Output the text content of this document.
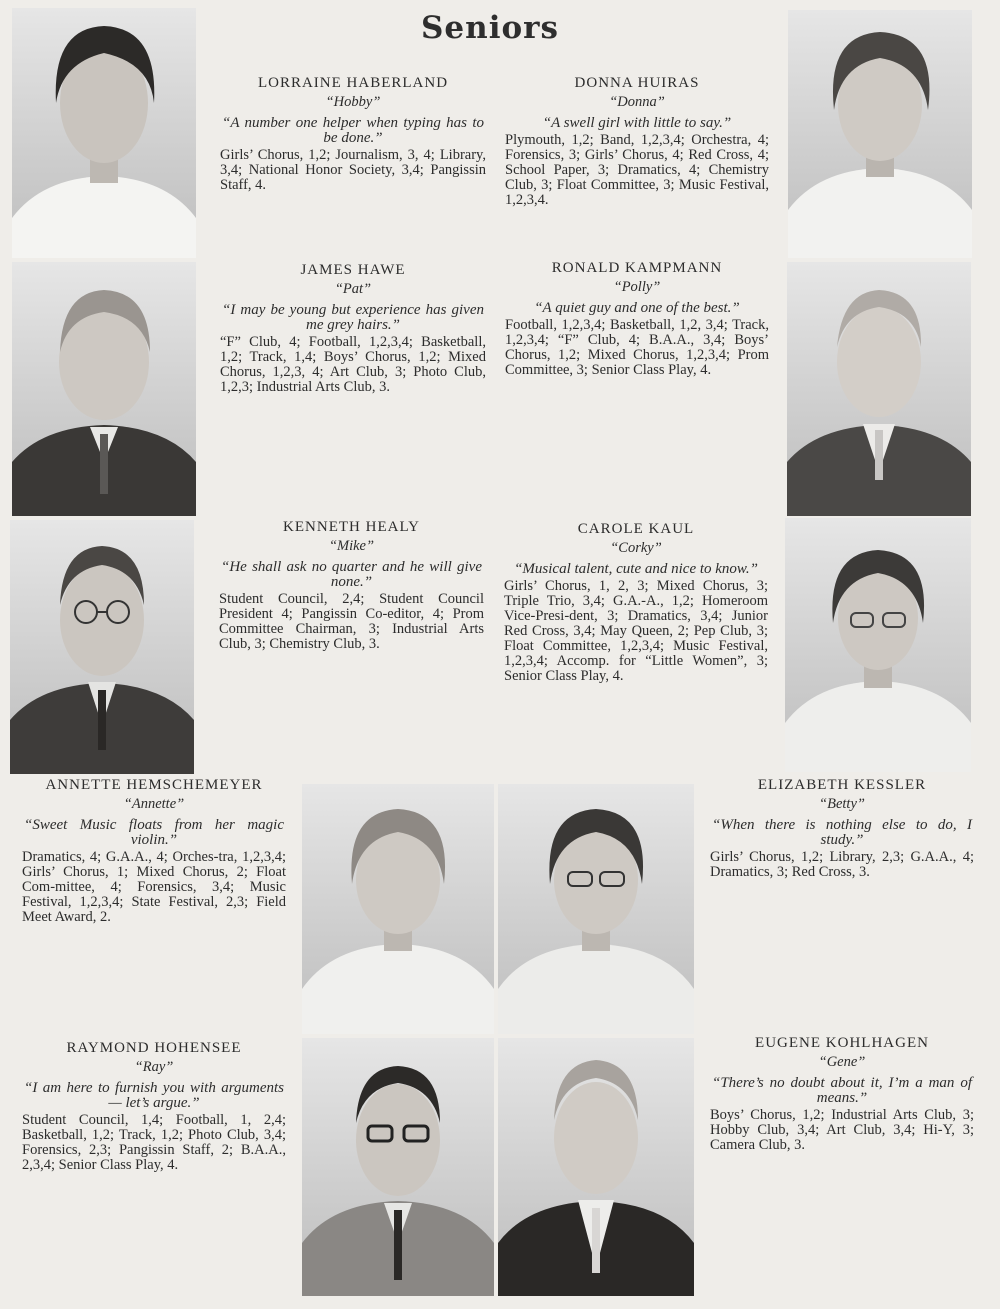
Seniors
LORRAINE HABERLAND
“Hobby”
“A number one helper when typing has to be done.”
Girls’ Chorus, 1,2; Journalism, 3, 4; Library, 3,4; National Honor Society, 3,4; Pangissin Staff, 4.
DONNA HUIRAS
“Donna”
“A swell girl with little to say.”
Plymouth, 1,2; Band, 1,2,3,4; Orchestra, 4; Forensics, 3; Girls’ Chorus, 4; Red Cross, 4; School Paper, 3; Dramatics, 4; Chemistry Club, 3; Float Committee, 3; Music Festival, 1,2,3,4.
JAMES HAWE
“Pat”
“I may be young but experience has given me grey hairs.”
“F” Club, 4; Football, 1,2,3,4; Basketball, 1,2; Track, 1,4; Boys’ Chorus, 1,2; Mixed Chorus, 1,2,3, 4; Art Club, 3; Photo Club, 1,2,3; Industrial Arts Club, 3.
RONALD KAMPMANN
“Polly”
“A quiet guy and one of the best.”
Football, 1,2,3,4; Basketball, 1,2, 3,4; Track, 1,2,3,4; “F” Club, 4; B.A.A., 3,4; Boys’ Chorus, 1,2; Mixed Chorus, 1,2,3,4; Prom Committee, 3; Senior Class Play, 4.
KENNETH HEALY
“Mike”
“He shall ask no quarter and he will give none.”
Student Council, 2,4; Student Council President 4; Pangissin Co-editor, 4; Prom Committee Chairman, 3; Industrial Arts Club, 3; Chemistry Club, 3.
CAROLE KAUL
“Corky”
“Musical talent, cute and nice to know.”
Girls’ Chorus, 1, 2, 3; Mixed Chorus, 3; Triple Trio, 3,4; G.A.-A., 1,2; Homeroom Vice-Presi-dent, 3; Dramatics, 3,4; Junior Red Cross, 3,4; May Queen, 2; Pep Club, 3; Float Committee, 1,2,3,4; Music Festival, 1,2,3,4; Accomp. for “Little Women”, 3; Senior Class Play, 4.
ANNETTE HEMSCHEMEYER
“Annette”
“Sweet Music floats from her magic violin.”
Dramatics, 4; G.A.A., 4; Orches-tra, 1,2,3,4; Girls’ Chorus, 1; Mixed Chorus, 2; Float Com-mittee, 4; Forensics, 3,4; Music Festival, 1,2,3,4; State Festival, 2,3; Field Meet Award, 2.
ELIZABETH KESSLER
“Betty”
“When there is nothing else to do, I study.”
Girls’ Chorus, 1,2; Library, 2,3; G.A.A., 4; Dramatics, 3; Red Cross, 3.
RAYMOND HOHENSEE
“Ray”
“I am here to furnish you with arguments — let’s argue.”
Student Council, 1,4; Football, 1, 2,4; Basketball, 1,2; Track, 1,2; Photo Club, 3,4; Forensics, 2,3; Pangissin Staff, 2; B.A.A., 2,3,4; Senior Class Play, 4.
EUGENE KOHLHAGEN
“Gene”
“There’s no doubt about it, I’m a man of means.”
Boys’ Chorus, 1,2; Industrial Arts Club, 3; Hobby Club, 3,4; Art Club, 3,4; Hi-Y, 3; Camera Club, 3.
